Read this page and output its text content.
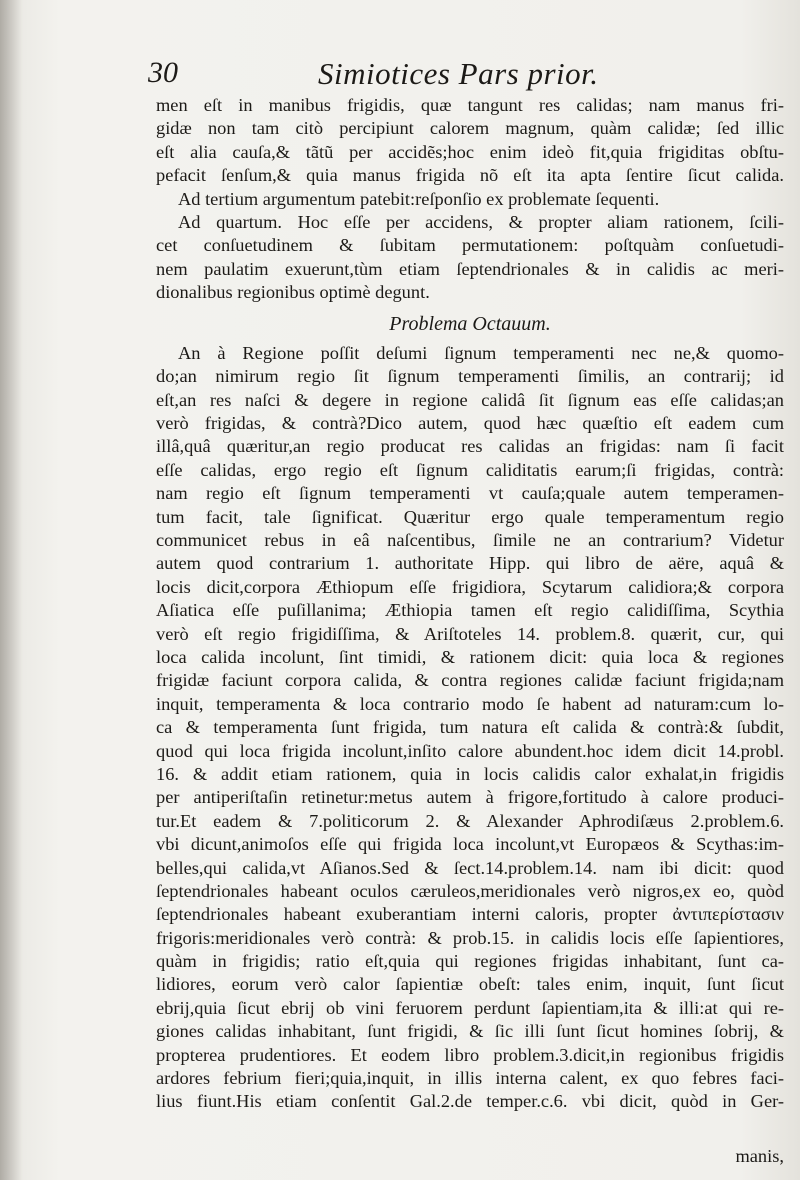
30	Simiotices Pars prior.
men eſt in manibus frigidis, quæ tangunt res calidas; nam manus fri-
gidæ non tam citò percipiunt calorem magnum, quàm calidæ; ſed illic
eſt alia cauſa,& tãtũ per accidẽs;hoc enim ideò fit,quia frigiditas obſtu-
pefacit ſenſum,& quia manus frigida nõ eſt ita apta ſentire ſicut calida.
Ad tertium argumentum patebit:reſponſio ex problemate ſequenti.
Ad quartum. Hoc eſſe per accidens, & propter aliam rationem, ſcili-
cet conſuetudinem & ſubitam permutationem: poſtquàm conſuetudi-
nem paulatim exuerunt,tùm etiam ſeptendrionales & in calidis ac meri-
dionalibus regionibus optimè degunt.
Problema Octauum.
An à Regione poſſit deſumi ſignum temperamenti nec ne,& quomo-
do;an nimirum regio ſit ſignum temperamenti ſimilis, an contrarij; id
eſt,an res naſci & degere in regione calidâ ſit ſignum eas eſſe calidas;an
verò frigidas, & contrà?Dico autem, quod hæc quæſtio eſt eadem cum
illâ,quâ quæritur,an regio producat res calidas an frigidas: nam ſi facit
eſſe calidas, ergo regio eſt ſignum caliditatis earum;ſi frigidas, contrà:
nam regio eſt ſignum temperamenti vt cauſa;quale autem temperamen-
tum facit, tale ſignificat. Quæritur ergo quale temperamentum regio
communicet rebus in eâ naſcentibus, ſimile ne an contrarium? Videtur
autem quod contrarium 1. authoritate Hipp. qui libro de aëre, aquâ &
locis dicit,corpora Æthiopum eſſe frigidiora, Scytarum calidiora;& corpora
Aſiatica eſſe puſillanima; Æthiopia tamen eſt regio calidiſſima, Scythia
verò eſt regio frigidiſſima, & Ariſtoteles 14. problem.8. quærit, cur, qui
loca calida incolunt, ſint timidi, & rationem dicit: quia loca & regiones
frigidæ faciunt corpora calida, & contra regiones calidæ faciunt frigida;nam
inquit, temperamenta & loca contrario modo ſe habent ad naturam:cum lo-
ca & temperamenta ſunt frigida, tum natura eſt calida & contrà:& ſubdit,
quod qui loca frigida incolunt,inſito calore abundent.hoc idem dicit 14.probl.
16. & addit etiam rationem, quia in locis calidis calor exhalat,in frigidis
per antiperiſtaſin retinetur:metus autem à frigore,fortitudo à calore produci-
tur.Et eadem & 7.politicorum 2. & Alexander Aphrodiſæus 2.problem.6.
vbi dicunt,animoſos eſſe qui frigida loca incolunt,vt Europæos & Scythas:im-
belles,qui calida,vt Aſianos.Sed & ſect.14.problem.14. nam ibi dicit: quod
ſeptendrionales habeant oculos cæruleos,meridionales verò nigros,ex eo, quòd
ſeptendrionales habeant exuberantiam interni caloris, propter ἀντιπερίστασιν
frigoris:meridionales verò contrà: & prob.15. in calidis locis eſſe ſapientiores,
quàm in frigidis; ratio eſt,quia qui regiones frigidas inhabitant, ſunt ca-
lidiores, eorum verò calor ſapientiæ obeſt: tales enim, inquit, ſunt ſicut
ebrij,quia ſicut ebrij ob vini feruorem perdunt ſapientiam,ita & illi:at qui re-
giones calidas inhabitant, ſunt frigidi, & ſic illi ſunt ſicut homines ſobrij, &
propterea prudentiores. Et eodem libro problem.3.dicit,in regionibus frigidis
ardores febrium fieri;quia,inquit, in illis interna calent, ex quo febres faci-
lius fiunt.His etiam conſentit Gal.2.de temper.c.6. vbi dicit, quòd in Ger-
manis,
